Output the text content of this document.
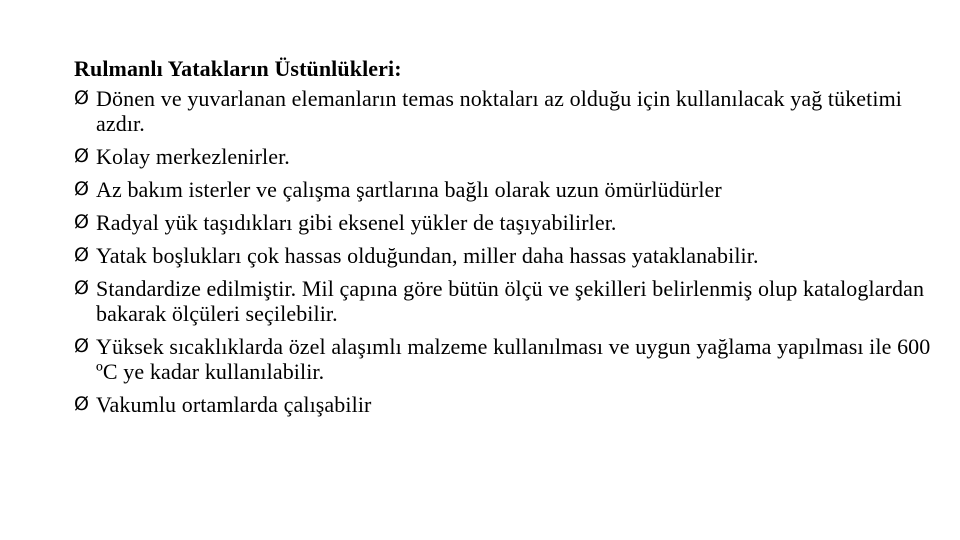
Rulmanlı Yatakların Üstünlükleri:

Ø Dönen ve yuvarlanan elemanların temas noktaları az olduğu için kullanılacak yağ tüketimi azdır.
Ø Kolay merkezlenirler.
Ø Az bakım isterler ve çalışma şartlarına bağlı olarak uzun ömürlüdürler
Ø Radyal yük taşıdıkları gibi eksenel yükler de taşıyabilirler.
Ø Yatak boşlukları çok hassas olduğundan, miller daha hassas yataklanabilir.
Ø Standardize edilmiştir. Mil çapına göre bütün ölçü ve şekilleri belirlenmiş olup kataloglardan bakarak ölçüleri seçilebilir.
Ø Yüksek sıcaklıklarda özel alaşımlı malzeme kullanılması ve uygun yağlama yapılması ile 600 ºC ye kadar kullanılabilir.
Ø Vakumlu ortamlarda çalışabilir
